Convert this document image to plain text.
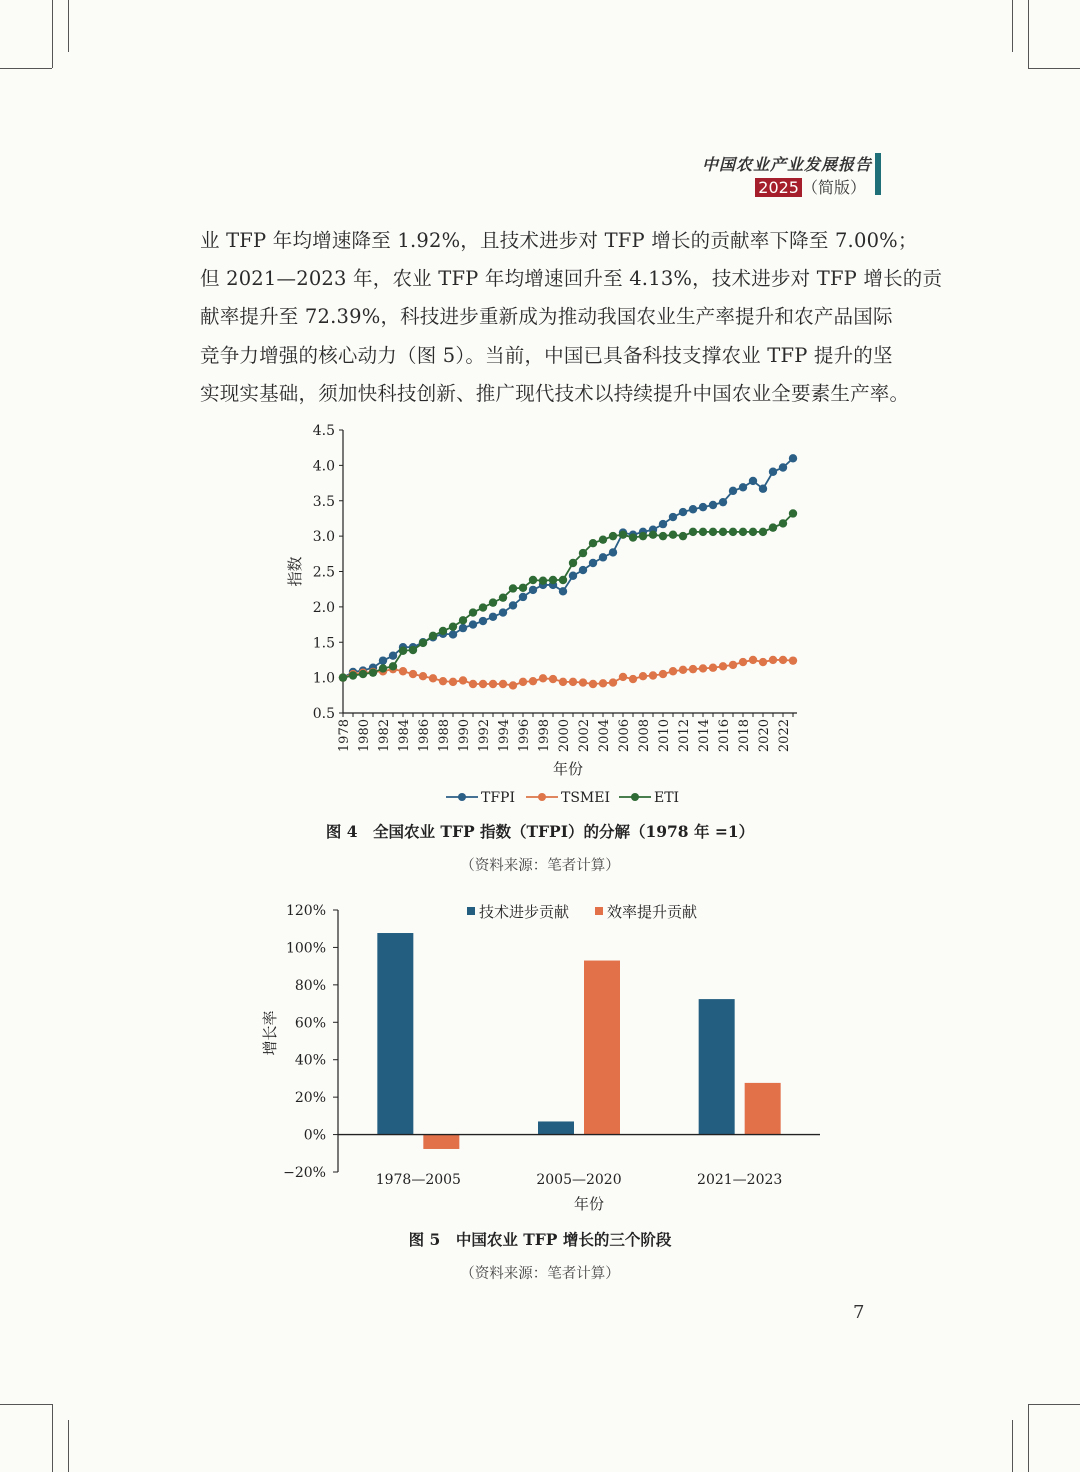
中国农业产业发展报告
2025 （简版）
业 TFP 年均增速降至 1.92%，且技术进步对 TFP 增长的贡献率下降至 7.00%；
但 2021—2023 年，农业 TFP 年均增速回升至 4.13%，技术进步对 TFP 增长的贡
献率提升至 72.39%，科技进步重新成为推动我国农业生产率提升和农产品国际
竞争力增强的核心动力（图 5）。当前，中国已具备科技支撑农业 TFP 提升的坚
实现实基础，须加快科技创新、推广现代技术以持续提升中国农业全要素生产率。
0.5
1.0
1.5
2.0
2.5
3.0
3.5
4.0
4.5
1978 1980 1982 1984 1986 1988 1990 1992 1994 1996 1998 2000 2002 2004 2006 2008 2010 2012 2014 2016 2018 2020 2022
指数
年份
TFPI	TSMEI	ETI
图 4　全国农业 TFP 指数（TFPI）的分解（1978 年 =1）
（资料来源：笔者计算）
−20%
0%
20%
40%
60%
80%
100%
120%
增长率
1978—2005	2005—2020	2021—2023
年份
技术进步贡献	效率提升贡献
图 5　中国农业 TFP 增长的三个阶段
（资料来源：笔者计算）
7
